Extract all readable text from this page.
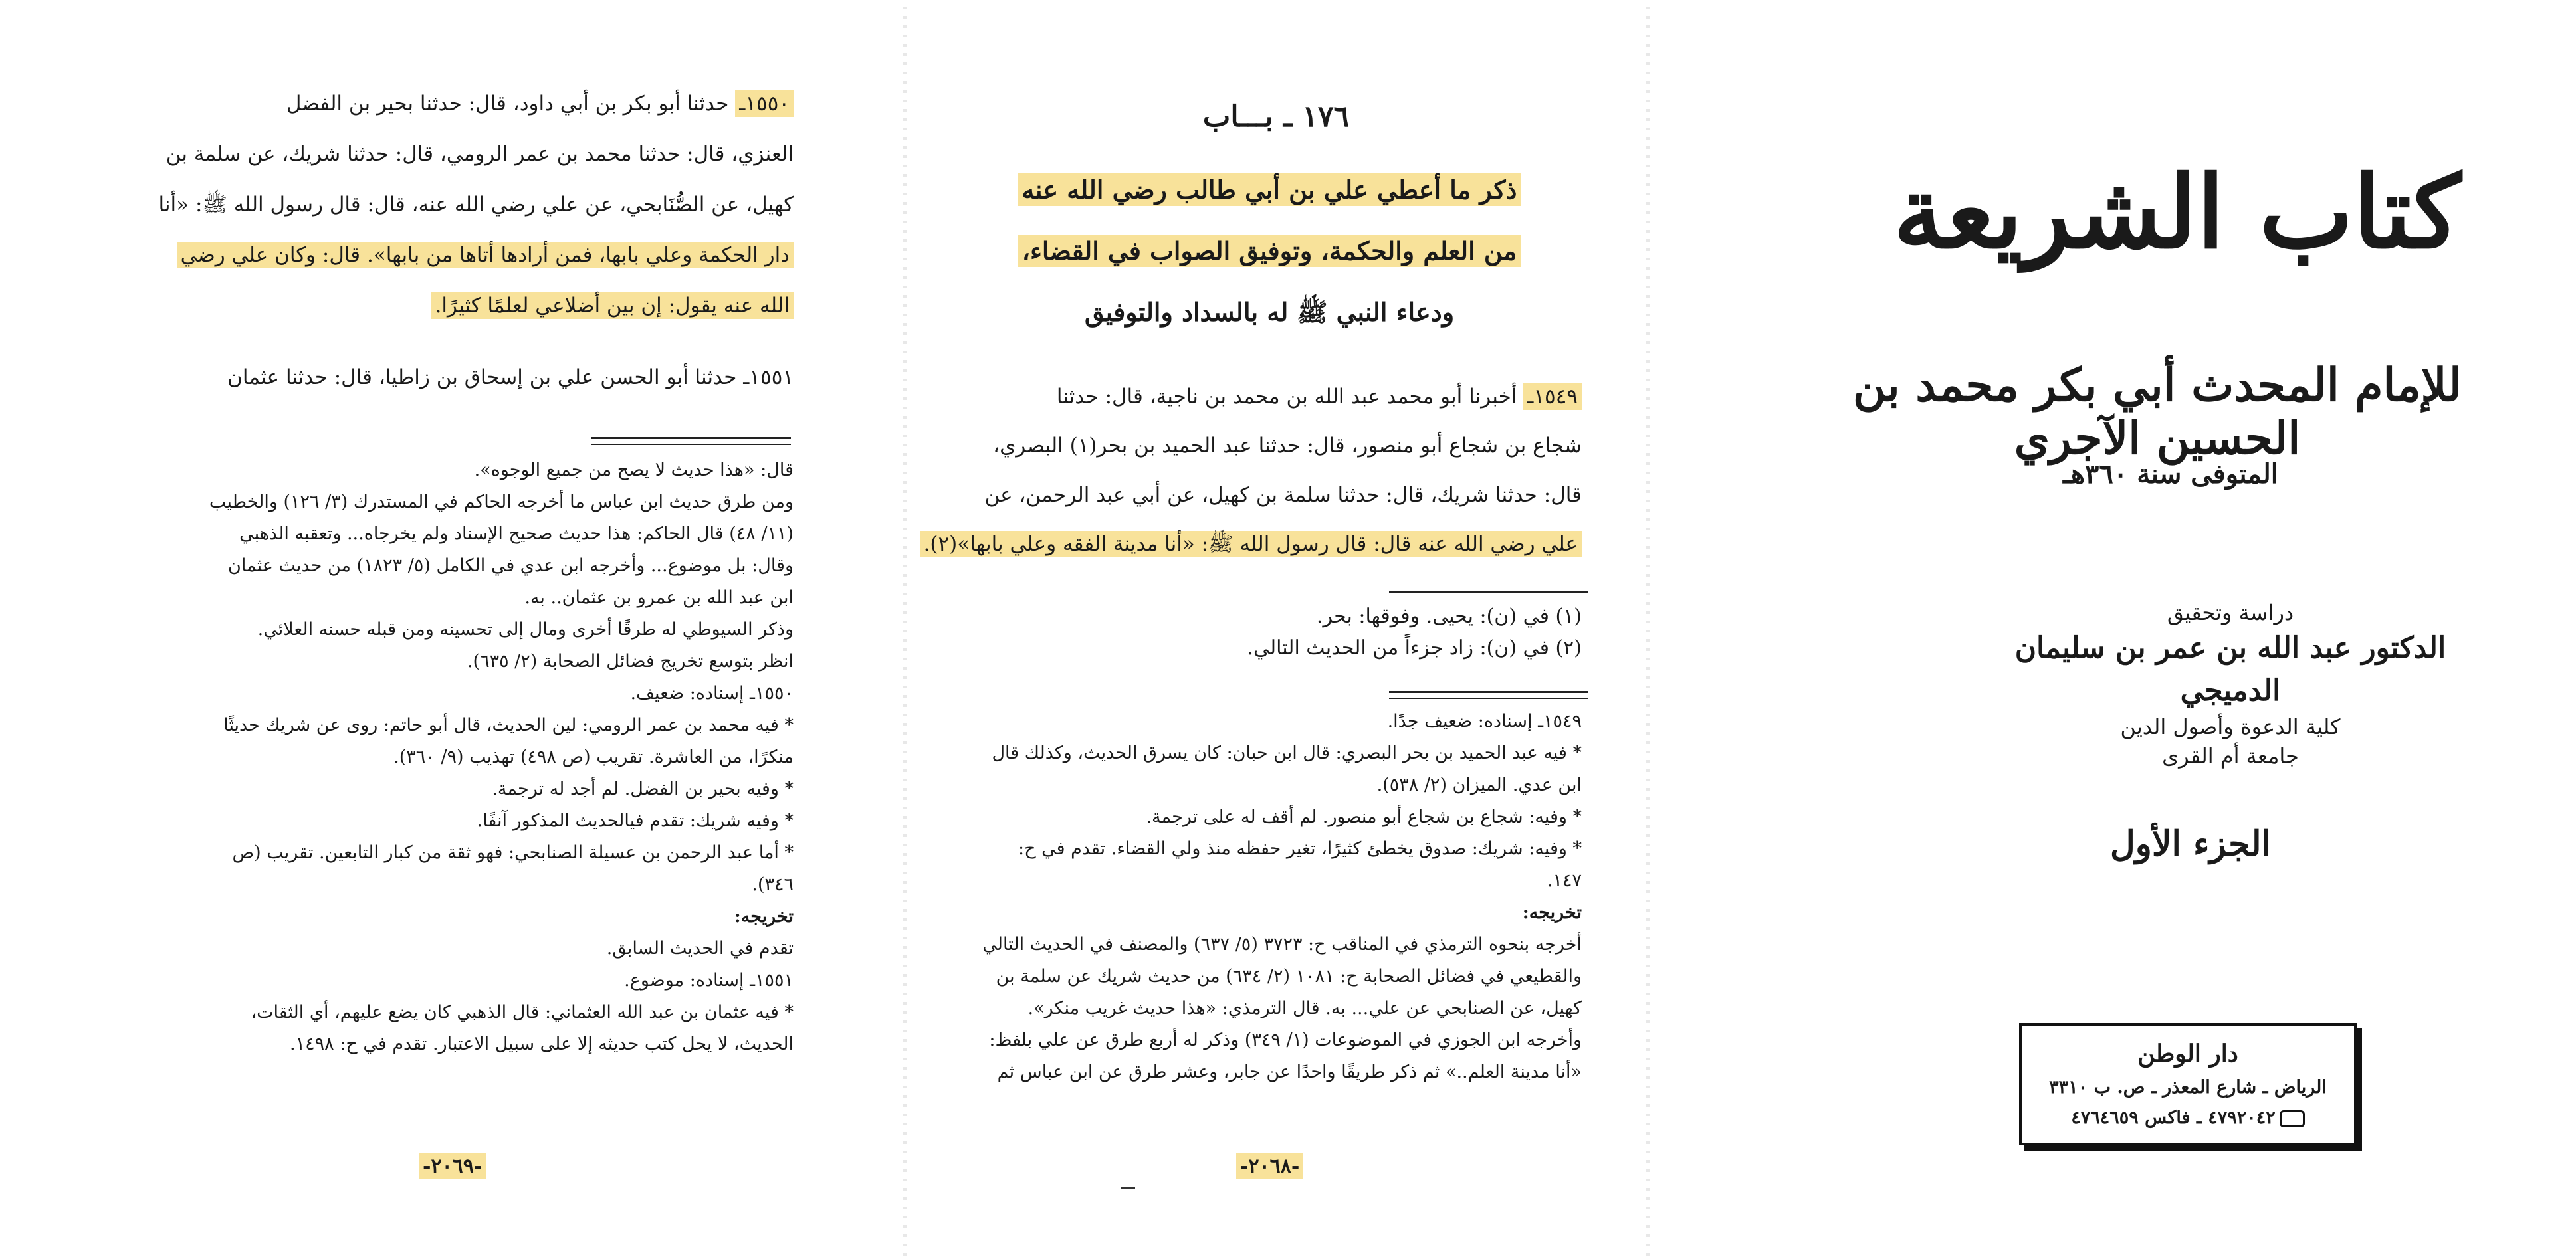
١٥٥٠ـ حدثنا أبو بكر بن أبي داود، قال: حدثنا بحير بن الفضل
العنزي، قال: حدثنا محمد بن عمر الرومي، قال: حدثنا شريك، عن سلمة بن
كهيل، عن الصُّنَابحي، عن علي رضي الله عنه، قال: قال رسول الله ﷺ: «أنا
دار الحكمة وعلي بابها، فمن أرادها أتاها من بابها». قال: وكان علي رضي
الله عنه يقول: إن بين أضلاعي لعلمًا كثيرًا.
١٥٥١ـ حدثنا أبو الحسن علي بن إسحاق بن زاطيا، قال: حدثنا عثمان

قال: «هذا حديث لا يصح من جميع الوجوه».

ومن طرق حديث ابن عباس ما أخرجه الحاكم في المستدرك (٣/ ١٢٦) والخطيب

(١١/ ٤٨) قال الحاكم: هذا حديث صحيح الإسناد ولم يخرجاه... وتعقبه الذهبي

وقال: بل موضوع... وأخرجه ابن عدي في الكامل (٥/ ١٨٢٣) من حديث عثمان

ابن عبد الله بن عمرو بن عثمان.. به.

وذكر السيوطي له طرقًا أخرى ومال إلى تحسينه ومن قبله حسنه العلائي.

انظر بتوسع تخريج فضائل الصحابة (٢/ ٦٣٥).

١٥٥٠ـ إسناده: ضعيف.

* فيه محمد بن عمر الرومي: لين الحديث، قال أبو حاتم: روى عن شريك حديثًا

منكرًا، من العاشرة. تقريب (ص ٤٩٨) تهذيب (٩/ ٣٦٠).

* وفيه بحير بن الفضل. لم أجد له ترجمة.

* وفيه شريك: تقدم فيالحديث المذكور آنفًا.

* أما عبد الرحمن بن عسيلة الصنابحي: فهو ثقة من كبار التابعين. تقريب (ص

٣٤٦).

تخريجه:

تقدم في الحديث السابق.

١٥٥١ـ إسناده: موضوع.

* فيه عثمان بن عبد الله العثماني: قال الذهبي كان يضع عليهم، أي الثقات،

الحديث، لا يحل كتب حديثه إلا على سبيل الاعتبار. تقدم في ح: ١٤٩٨.

-٢٠٦٩-
١٧٦ ـ بـــاب
ذكر ما أعطي علي بن أبي طالب رضي الله عنه
من العلم والحكمة، وتوفيق الصواب في القضاء،
ودعاء النبي ﷺ له بالسداد والتوفيق
١٥٤٩ـ أخبرنا أبو محمد عبد الله بن محمد بن ناجية، قال: حدثنا
شجاع بن شجاع أبو منصور، قال: حدثنا عبد الحميد بن بحر(١) البصري،
قال: حدثنا شريك، قال: حدثنا سلمة بن كهيل، عن أبي عبد الرحمن، عن
علي رضي الله عنه قال: قال رسول الله ﷺ: «أنا مدينة الفقه وعلي بابها»(٢).

(١) في (ن): يحيى. وفوقها: بحر.

(٢) في (ن): زاد جزءاً من الحديث التالي.

١٥٤٩ـ إسناده: ضعيف جدًا.

* فيه عبد الحميد بن بحر البصري: قال ابن حبان: كان يسرق الحديث، وكذلك قال

ابن عدي. الميزان (٢/ ٥٣٨).

* وفيه: شجاع بن شجاع أبو منصور. لم أقف له على ترجمة.

* وفيه: شريك: صدوق يخطئ كثيرًا، تغير حفظه منذ ولي القضاء. تقدم في ح:

١٤٧.

تخريجه:

أخرجه بنحوه الترمذي في المناقب ح: ٣٧٢٣ (٥/ ٦٣٧) والمصنف في الحديث التالي

والقطيعي في فضائل الصحابة ح: ١٠٨١ (٢/ ٦٣٤) من حديث شريك عن سلمة بن

كهيل، عن الصنابحي عن علي... به. قال الترمذي: «هذا حديث غريب منكر».

وأخرجه ابن الجوزي في الموضوعات (١/ ٣٤٩) وذكر له أربع طرق عن علي بلفظ:

«أنا مدينة العلم..» ثم ذكر طريقًا واحدًا عن جابر، وعشر طرق عن ابن عباس ثم

-٢٠٦٨-
كتاب الشريعة
للإمام المحدث أبي بكر محمد بن الحسين الآجري
المتوفى سنة ٣٦٠هـ
دراسة وتحقيق
الدكتور عبد الله بن عمر بن سليمان الدميجي
كلية الدعوة وأصول الدين
جامعة أم القرى
الجزء الأول
دار الوطن
الرياض ـ شارع المعذر ـ ص. ب ٣٣١٠
٤٧٩٢٠٤٢ ـ فاكس ٤٧٦٤٦٥٩
